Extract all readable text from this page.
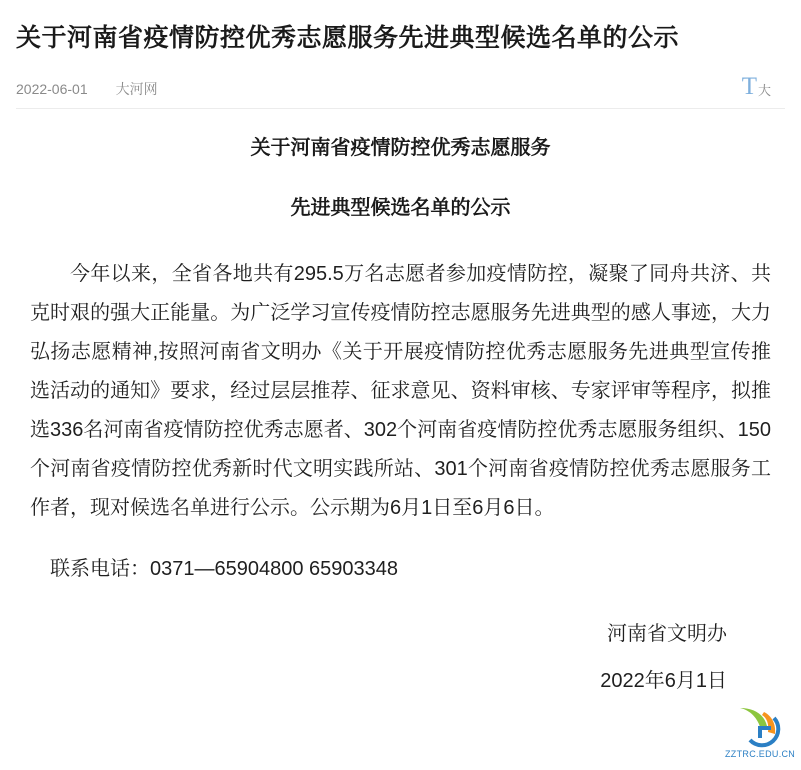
关于河南省疫情防控优秀志愿服务先进典型候选名单的公示
2022-06-01 大河网	T 大
关于河南省疫情防控优秀志愿服务
先进典型候选名单的公示

今年以来，全省各地共有295.5万名志愿者参加疫情防控，凝聚了同舟共济、共克时艰的强大正能量。为广泛学习宣传疫情防控志愿服务先进典型的感人事迹，大力弘扬志愿精神,按照河南省文明办《关于开展疫情防控优秀志愿服务先进典型宣传推选活动的通知》要求，经过层层推荐、征求意见、资料审核、专家评审等程序，拟推选336名河南省疫情防控优秀志愿者、302个河南省疫情防控优秀志愿服务组织、150个河南省疫情防控优秀新时代文明实践所站、301个河南省疫情防控优秀志愿服务工作者，现对候选名单进行公示。公示期为6月1日至6月6日。

联系电话：0371—65904800 65903348

河南省文明办
2022年6月1日
ZZTRC.EDU.CN
